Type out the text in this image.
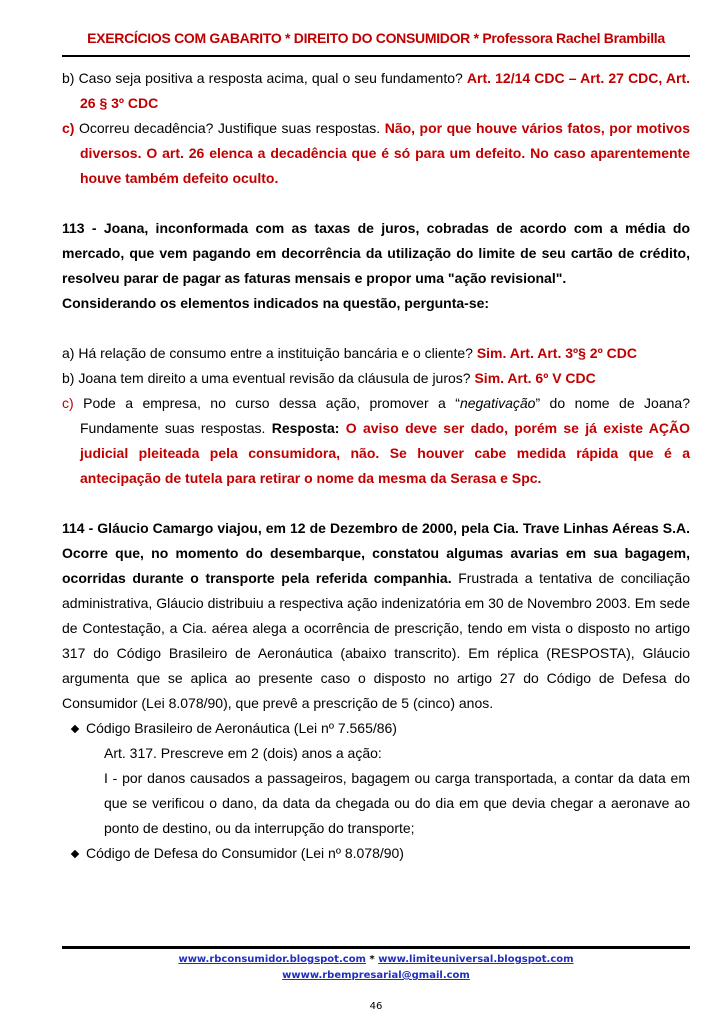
EXERCÍCIOS COM GABARITO * DIREITO DO CONSUMIDOR * Professora Rachel Brambilla

b) Caso seja positiva a resposta acima, qual o seu fundamento? Art. 12/14 CDC – Art. 27 CDC, Art. 26 § 3º CDC

c) Ocorreu decadência? Justifique suas respostas. Não, por que houve vários fatos, por motivos diversos. O art. 26 elenca a decadência que é só para um defeito. No caso aparentemente houve também defeito oculto.

113 - Joana, inconformada com as taxas de juros, cobradas de acordo com a média do mercado, que vem pagando em decorrência da utilização do limite de seu cartão de crédito, resolveu parar de pagar as faturas mensais e propor uma "ação revisional".

Considerando os elementos indicados na questão, pergunta-se:

a) Há relação de consumo entre a instituição bancária e o cliente? Sim. Art. Art. 3º§ 2º CDC

b) Joana tem direito a uma eventual revisão da cláusula de juros? Sim. Art. 6º V CDC

c) Pode a empresa, no curso dessa ação, promover a “negativação” do nome de Joana? Fundamente suas respostas. Resposta: O aviso deve ser dado, porém se já existe AÇÃO judicial pleiteada pela consumidora, não. Se houver cabe medida rápida que é a antecipação de tutela para retirar o nome da mesma da Serasa e Spc.

114 - Gláucio Camargo viajou, em 12 de Dezembro de 2000, pela Cia. Trave Linhas Aéreas S.A. Ocorre que, no momento do desembarque, constatou algumas avarias em sua bagagem, ocorridas durante o transporte pela referida companhia. Frustrada a tentativa de conciliação administrativa, Gláucio distribuiu a respectiva ação indenizatória em 30 de Novembro 2003. Em sede de Contestação, a Cia. aérea alega a ocorrência de prescrição, tendo em vista o disposto no artigo 317 do Código Brasileiro de Aeronáutica (abaixo transcrito). Em réplica (RESPOSTA), Gláucio argumenta que se aplica ao presente caso o disposto no artigo 27 do Código de Defesa do Consumidor (Lei 8.078/90), que prevê a prescrição de 5 (cinco) anos.

Código Brasileiro de Aeronáutica (Lei nº 7.565/86)

Art. 317. Prescreve em 2 (dois) anos a ação:

I - por danos causados a passageiros, bagagem ou carga transportada, a contar da data em que se verificou o dano, da data da chegada ou do dia em que devia chegar a aeronave ao ponto de destino, ou da interrupção do transporte;

Código de Defesa do Consumidor (Lei nº 8.078/90)

www.rbconsumidor.blogspot.com * www.limiteuniversal.blogspot.com
wwww.rbempresarial@gmail.com
46
